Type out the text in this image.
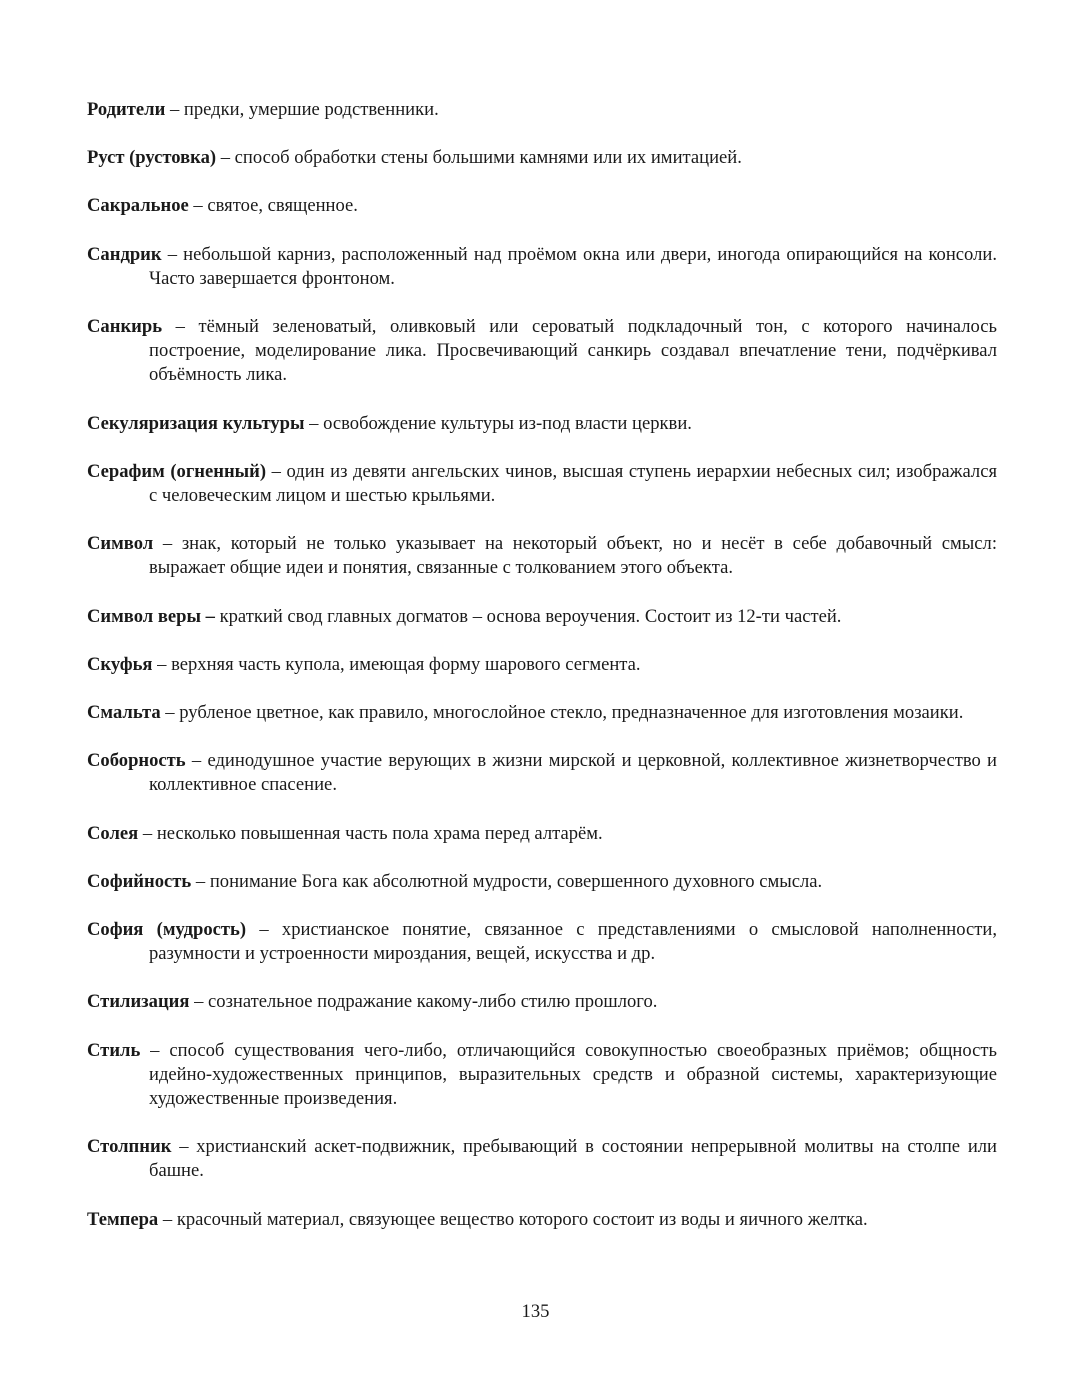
Родители – предки, умершие родственники.

Руст (рустовка) – способ обработки стены большими камнями или их имитацией.

Сакральное – святое, священное.

Сандрик – небольшой карниз, расположенный над проёмом окна или двери, иногода опирающийся на консоли. Часто завершается фронтоном.

Санкирь – тёмный зеленоватый, оливковый или сероватый подкладочный тон, с которого начиналось построение, моделирование лика. Просвечивающий санкирь создавал впечатление тени, подчёркивал объёмность лика.

Секуляризация культуры – освобождение культуры из-под власти церкви.

Серафим (огненный) – один из девяти ангельских чинов, высшая ступень иерархии небесных сил; изображался с человеческим лицом и шестью крыльями.

Символ – знак, который не только указывает на некоторый объект, но и несёт в себе добавочный смысл: выражает общие идеи и понятия, связанные с толкованием этого объекта.

Символ веры – краткий свод главных догматов – основа вероучения. Состоит из 12-ти частей.

Скуфья – верхняя часть купола, имеющая форму шарового сегмента.

Смальта – рубленое цветное, как правило, многослойное стекло, предназначенное для изготовления мозаики.

Соборность – единодушное участие верующих в жизни мирской и церковной, коллективное жизнетворчество и коллективное спасение.

Солея – несколько повышенная часть пола храма перед алтарём.

Софийность – понимание Бога как абсолютной мудрости, совершенного духовного смысла.

София (мудрость) – христианское понятие, связанное с представлениями о смысловой наполненности, разумности и устроенности мироздания, вещей, искусства и др.

Стилизация – сознательное подражание какому-либо стилю прошлого.

Стиль – способ существования чего-либо, отличающийся совокупностью своеобразных приёмов; общность идейно-художественных принципов, выразительных средств и образной системы, характеризующие художественные произведения.

Столпник – христианский аскет-подвижник, пребывающий в состоянии непрерывной молитвы на столпе или башне.

Темпера – красочный материал, связующее вещество которого состоит из воды и яичного желтка.

135
